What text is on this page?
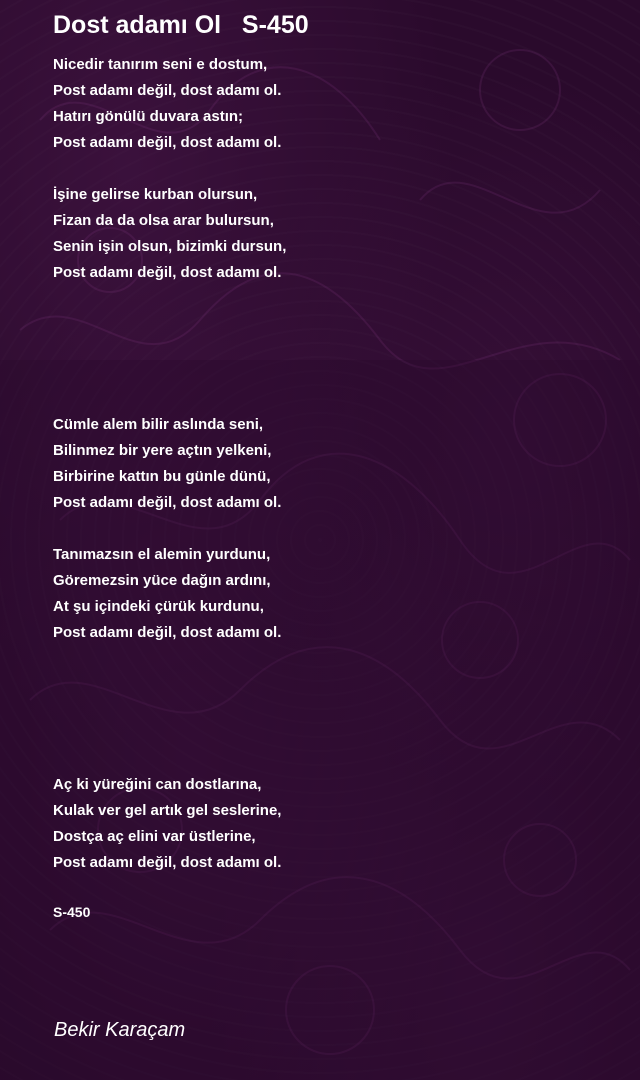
Dost adamı Ol   S-450
Nicedir tanırım seni e dostum,
Post adamı değil, dost adamı ol.
Hatırı gönülü duvara astın;
Post adamı değil, dost adamı ol.
İşine gelirse kurban olursun,
Fizan da da olsa arar bulursun,
Senin işin olsun, bizimki dursun,
Post adamı değil, dost adamı ol.
Cümle alem bilir aslında seni,
Bilinmez bir yere açtın yelkeni,
Birbirine kattın bu günle dünü,
Post adamı değil, dost adamı ol.
Tanımazsın el alemin yurdunu,
Göremezsin yüce dağın ardını,
At şu içindeki çürük kurdunu,
Post adamı değil, dost adamı ol.
Aç ki yüreğini can dostlarına,
Kulak ver gel artık gel seslerine,
Dostça aç elini var üstlerine,
Post adamı değil, dost adamı ol.
S-450
Bekir Karaçam
